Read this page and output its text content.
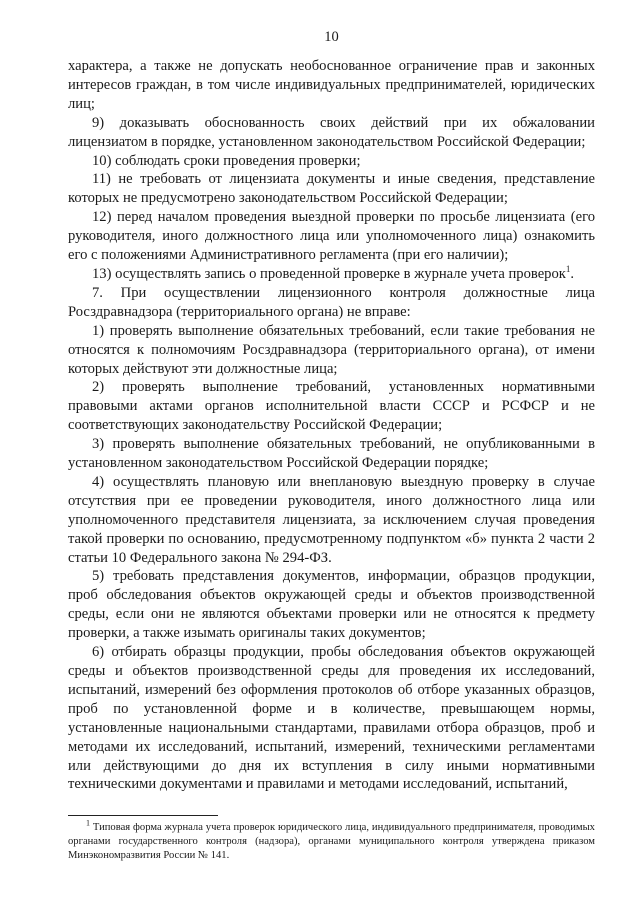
10

характера, а также не допускать необоснованное ограничение прав и законных интересов граждан, в том числе индивидуальных предпринимателей, юридических лиц;

9) доказывать обоснованность своих действий при их обжаловании лицензиатом в порядке, установленном законодательством Российской Федерации;

10) соблюдать сроки проведения проверки;

11) не требовать от лицензиата документы и иные сведения, представление которых не предусмотрено законодательством Российской Федерации;

12) перед началом проведения выездной проверки по просьбе лицензиата (его руководителя, иного должностного лица или уполномоченного лица) ознакомить его с положениями Административного регламента (при его наличии);

13) осуществлять запись о проведенной проверке в журнале учета проверок$^1$.

7. При осуществлении лицензионного контроля должностные лица Росздравнадзора (территориального органа) не вправе:

1) проверять выполнение обязательных требований, если такие требования не относятся к полномочиям Росздравнадзора (территориального органа), от имени которых действуют эти должностные лица;

2) проверять выполнение требований, установленных нормативными правовыми актами органов исполнительной власти СССР и РСФСР и не соответствующих законодательству Российской Федерации;

3) проверять выполнение обязательных требований, не опубликованными в установленном законодательством Российской Федерации порядке;

4) осуществлять плановую или внеплановую выездную проверку в случае отсутствия при ее проведении руководителя, иного должностного лица или уполномоченного представителя лицензиата, за исключением случая проведения такой проверки по основанию, предусмотренному подпунктом «б» пункта 2 части 2 статьи 10 Федерального закона № 294-ФЗ.

5) требовать представления документов, информации, образцов продукции, проб обследования объектов окружающей среды и объектов производственной среды, если они не являются объектами проверки или не относятся к предмету проверки, а также изымать оригиналы таких документов;

6) отбирать образцы продукции, пробы обследования объектов окружающей среды и объектов производственной среды для проведения их исследований, испытаний, измерений без оформления протоколов об отборе указанных образцов, проб по установленной форме и в количестве, превышающем нормы, установленные национальными стандартами, правилами отбора образцов, проб и методами их исследований, испытаний, измерений, техническими регламентами или действующими до дня их вступления в силу иными нормативными техническими документами и правилами и методами исследований, испытаний,

$^1$ Типовая форма журнала учета проверок юридического лица, индивидуального предпринимателя, проводимых органами государственного контроля (надзора), органами муниципального контроля утверждена приказом Минэкономразвития России № 141.
